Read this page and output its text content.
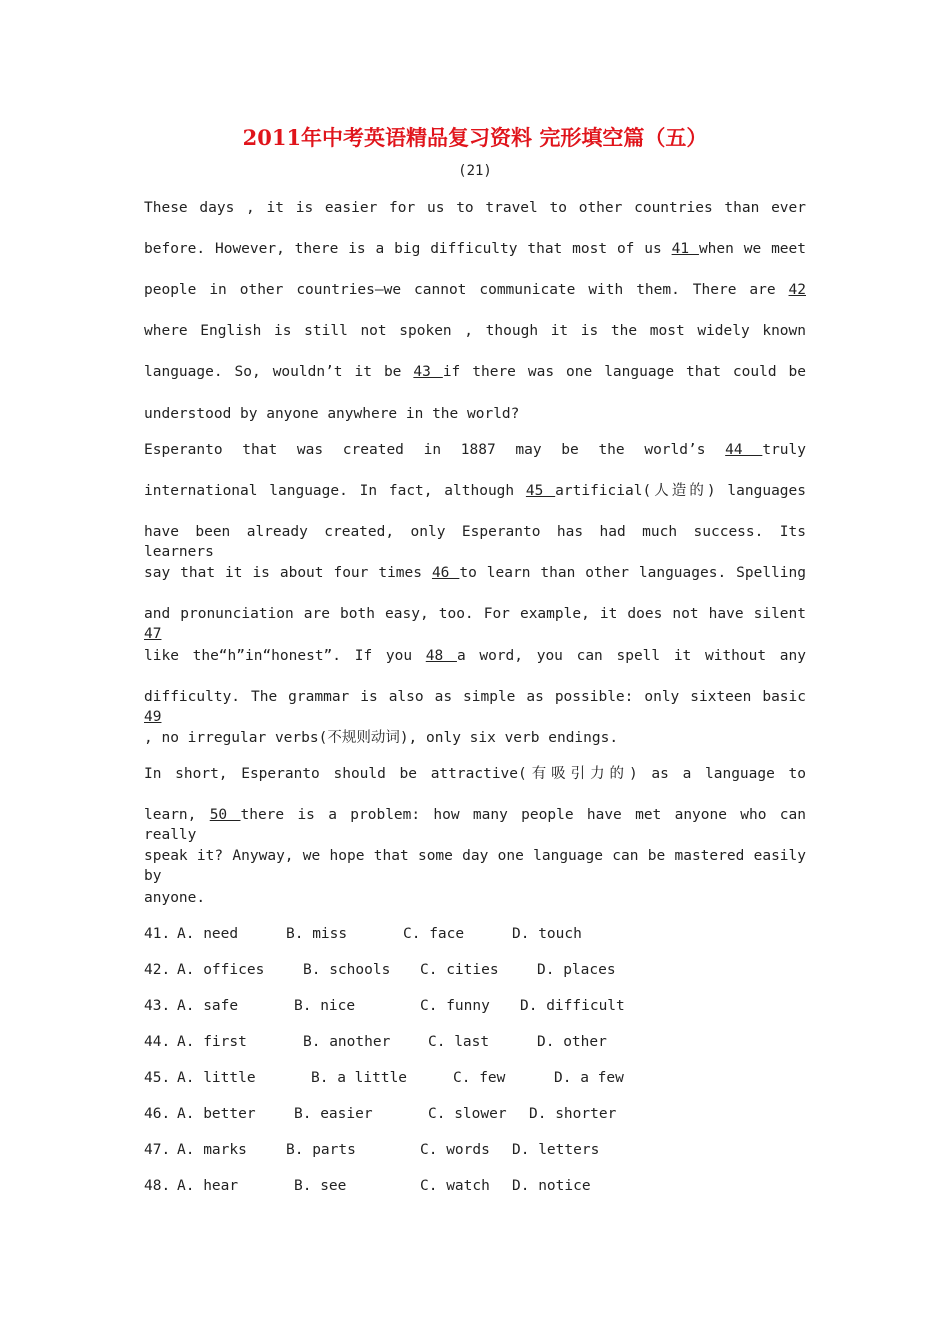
2011年中考英语精品复习资料 完形填空篇（五）
(21)
These days , it is easier for us to travel to other countries than ever
before. However, there is a big difficulty that most of us 41 when we meet
people in other countries—we cannot communicate with them. There are 42
where English is still not spoken , though it is the most widely known
language. So, wouldn’t it be 43 if there was one language that could be
understood by anyone anywhere in the world?
Esperanto that was created in 1887 may be the world’s 44 truly
international language. In fact, although 45 artificial(人造的) languages
have been already created, only Esperanto has had much success. Its learners
say that it is about four times 46 to learn than other languages. Spelling
and pronunciation are both easy, too. For example, it does not have silent 47
like the“h”in“honest”. If you 48 a word, you can spell it without any
difficulty. The grammar is also as simple as possible: only sixteen basic 49
, no irregular verbs(不规则动词), only six verb endings.
In short, Esperanto should be attractive(有吸引力的) as a language to
learn, 50 there is a problem: how many people have met anyone who can really
speak it? Anyway, we hope that some day one language can be mastered easily by
anyone.
41. A. need	B. miss	C. face	D. touch
42. A. offices	B. schools C. cities	D. places
43. A. safe	B. nice	C. funny D. difficult
44. A. first	B. another	C. last	D. other
45. A. little	B. a little	C. few	D. a few
46. A. better	B. easier	C. slower D. shorter
47. A. marks	B. parts	C. words D. letters
48. A. hear	B. see	C. watch D. notice
